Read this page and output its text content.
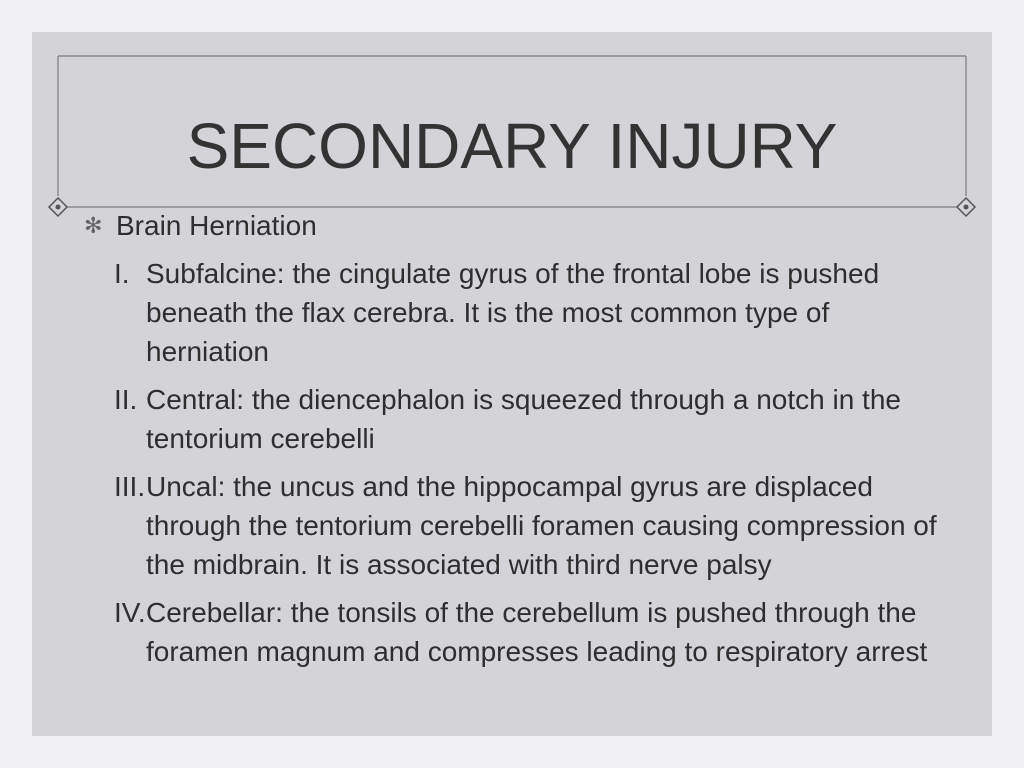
SECONDARY INJURY
✻ Brain Herniation
I. Subfalcine: the cingulate gyrus of the frontal lobe is pushed beneath the flax cerebra. It is the most common type of herniation
II. Central: the diencephalon is squeezed through a notch in the tentorium cerebelli
III. Uncal: the uncus and the hippocampal gyrus are displaced through the tentorium cerebelli foramen causing compression of the midbrain. It is associated with third nerve palsy
IV. Cerebellar: the tonsils of the cerebellum is pushed through the foramen magnum and compresses leading to respiratory arrest
